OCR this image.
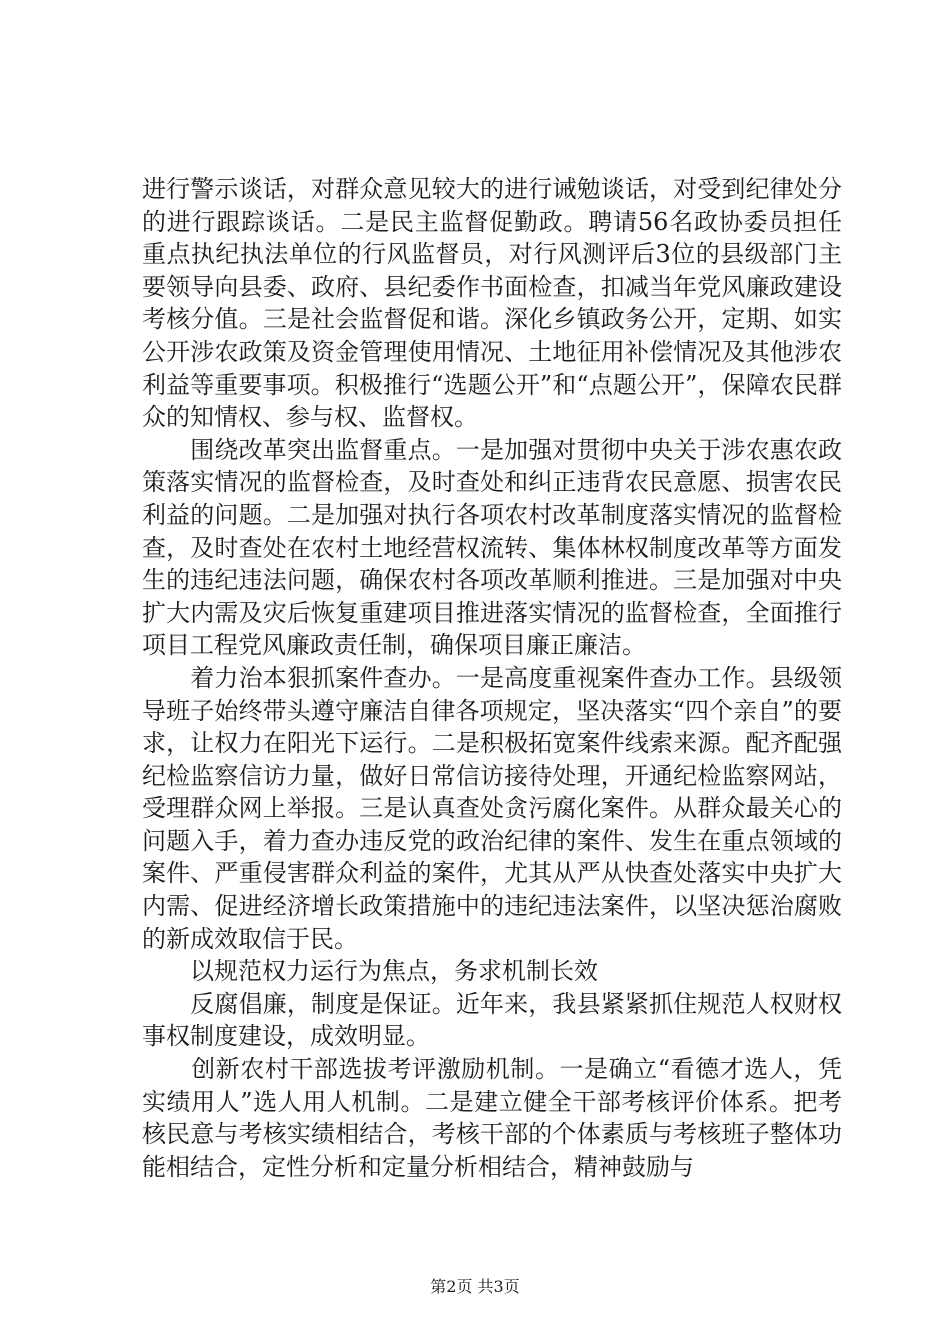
进行警示谈话，对群众意见较大的进行诫勉谈话，对受到纪律处分的进行跟踪谈话。二是民主监督促勤政。聘请56名政协委员担任重点执纪执法单位的行风监督员，对行风测评后3位的县级部门主要领导向县委、政府、县纪委作书面检查，扣减当年党风廉政建设考核分值。三是社会监督促和谐。深化乡镇政务公开，定期、如实公开涉农政策及资金管理使用情况、土地征用补偿情况及其他涉农利益等重要事项。积极推行“选题公开”和“点题公开”，保障农民群众的知情权、参与权、监督权。

　　围绕改革突出监督重点。一是加强对贯彻中央关于涉农惠农政策落实情况的监督检查，及时查处和纠正违背农民意愿、损害农民利益的问题。二是加强对执行各项农村改革制度落实情况的监督检查，及时查处在农村土地经营权流转、集体林权制度改革等方面发生的违纪违法问题，确保农村各项改革顺利推进。三是加强对中央扩大内需及灾后恢复重建项目推进落实情况的监督检查，全面推行项目工程党风廉政责任制，确保项目廉正廉洁。

　　着力治本狠抓案件查办。一是高度重视案件查办工作。县级领导班子始终带头遵守廉洁自律各项规定，坚决落实“四个亲自”的要求，让权力在阳光下运行。二是积极拓宽案件线索来源。配齐配强纪检监察信访力量，做好日常信访接待处理，开通纪检监察网站，受理群众网上举报。三是认真查处贪污腐化案件。从群众最关心的问题入手，着力查办违反党的政治纪律的案件、发生在重点领域的案件、严重侵害群众利益的案件，尤其从严从快查处落实中央扩大内需、促进经济增长政策措施中的违纪违法案件，以坚决惩治腐败的新成效取信于民。

　　以规范权力运行为焦点，务求机制长效

　　反腐倡廉，制度是保证。近年来，我县紧紧抓住规范人权财权事权制度建设，成效明显。

　　创新农村干部选拔考评激励机制。一是确立“看德才选人，凭实绩用人”选人用人机制。二是建立健全干部考核评价体系。把考核民意与考核实绩相结合，考核干部的个体素质与考核班子整体功能相结合，定性分析和定量分析相结合，精神鼓励与

第2页 共3页
